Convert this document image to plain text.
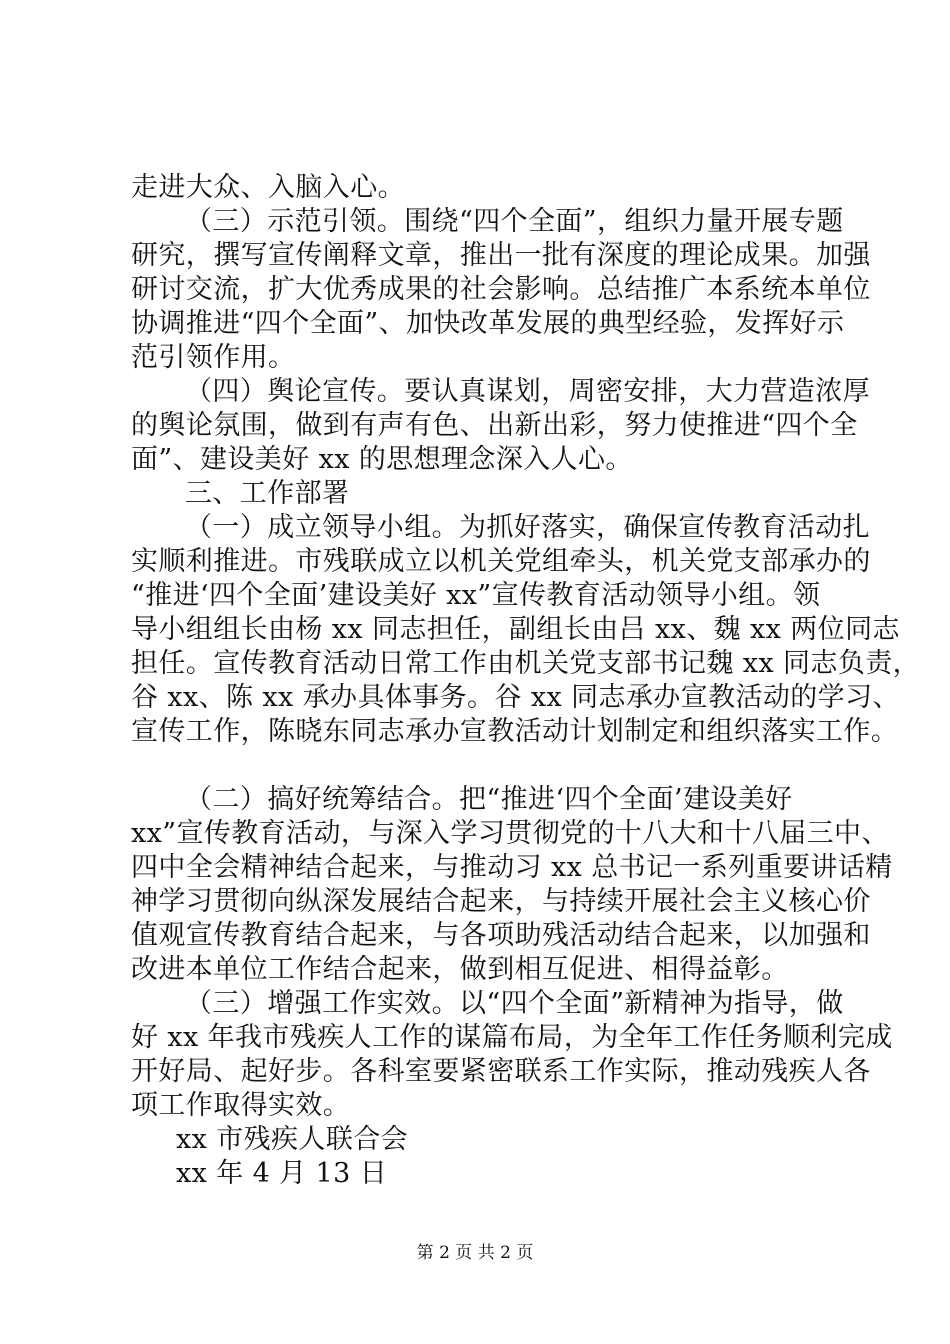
走进大众、入脑入心。
（三）示范引领。围绕“四个全面”，组织力量开展专题
研究，撰写宣传阐释文章，推出一批有深度的理论成果。加强
研讨交流，扩大优秀成果的社会影响。总结推广本系统本单位
协调推进“四个全面”、加快改革发展的典型经验，发挥好示
范引领作用。
（四）舆论宣传。要认真谋划，周密安排，大力营造浓厚
的舆论氛围，做到有声有色、出新出彩，努力使推进“四个全
面”、建设美好 xx 的思想理念深入人心。
三、工作部署
（一）成立领导小组。为抓好落实，确保宣传教育活动扎
实顺利推进。市残联成立以机关党组牵头，机关党支部承办的
“推进‘四个全面’建设美好 xx”宣传教育活动领导小组。领
导小组组长由杨 xx 同志担任，副组长由吕 xx、魏 xx 两位同志
担任。宣传教育活动日常工作由机关党支部书记魏 xx 同志负责，
谷 xx、陈 xx 承办具体事务。谷 xx 同志承办宣教活动的学习、
宣传工作，陈晓东同志承办宣教活动计划制定和组织落实工作。
（二）搞好统筹结合。把“推进‘四个全面’建设美好
xx”宣传教育活动，与深入学习贯彻党的十八大和十八届三中、
四中全会精神结合起来，与推动习 xx 总书记一系列重要讲话精
神学习贯彻向纵深发展结合起来，与持续开展社会主义核心价
值观宣传教育结合起来，与各项助残活动结合起来，以加强和
改进本单位工作结合起来，做到相互促进、相得益彰。
（三）增强工作实效。以“四个全面”新精神为指导，做
好 xx 年我市残疾人工作的谋篇布局，为全年工作任务顺利完成
开好局、起好步。各科室要紧密联系工作实际，推动残疾人各
项工作取得实效。
xx 市残疾人联合会
xx 年 4 月 13 日
第 2 页 共 2 页
